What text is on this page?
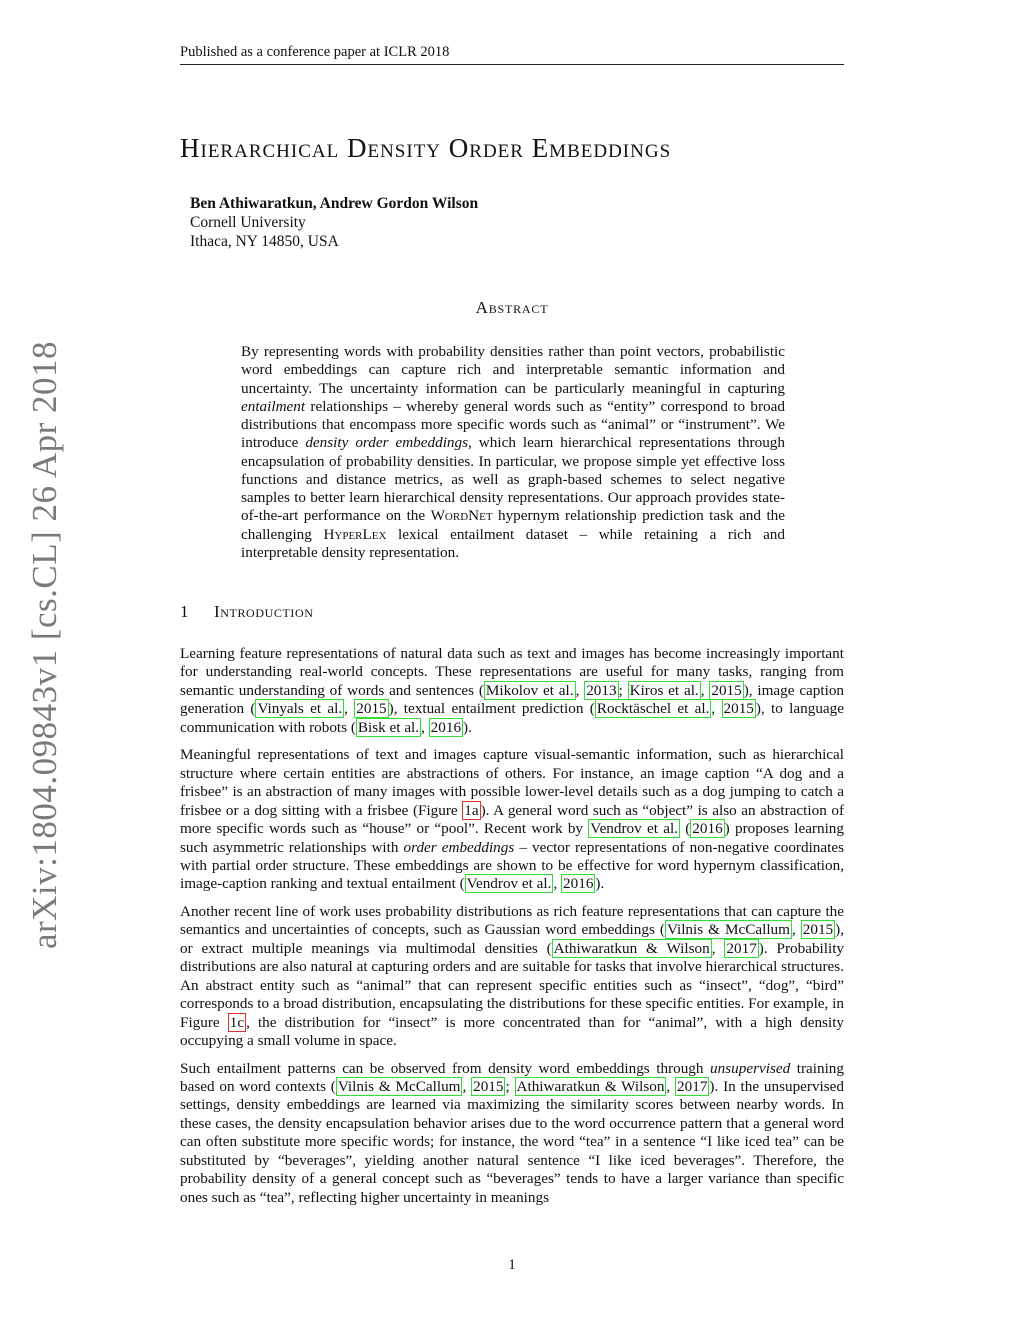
Published as a conference paper at ICLR 2018
Hierarchical Density Order Embeddings
Ben Athiwaratkun, Andrew Gordon Wilson
Cornell University
Ithaca, NY 14850, USA
Abstract
By representing words with probability densities rather than point vectors, probabilistic word embeddings can capture rich and interpretable semantic information and uncertainty. The uncertainty information can be particularly meaningful in capturing entailment relationships – whereby general words such as “entity” correspond to broad distributions that encompass more specific words such as “animal” or “instrument”. We introduce density order embeddings, which learn hierarchical representations through encapsulation of probability densities. In particular, we propose simple yet effective loss functions and distance metrics, as well as graph-based schemes to select negative samples to better learn hierarchical density representations. Our approach provides state-of-the-art performance on the WordNet hypernym relationship prediction task and the challenging HyperLex lexical entailment dataset – while retaining a rich and interpretable density representation.
1 Introduction

Learning feature representations of natural data such as text and images has become increasingly important for understanding real-world concepts. These representations are useful for many tasks, ranging from semantic understanding of words and sentences ( Mikolov et al. , 2013 ; Kiros et al. , 2015 ), image caption generation ( Vinyals et al. , 2015 ), textual entailment prediction ( Rocktäschel et al. , 2015 ), to language communication with robots ( Bisk et al. , 2016 ).

Meaningful representations of text and images capture visual-semantic information, such as hierarchical structure where certain entities are abstractions of others. For instance, an image caption “A dog and a frisbee” is an abstraction of many images with possible lower-level details such as a dog jumping to catch a frisbee or a dog sitting with a frisbee (Figure 1a ). A general word such as “object” is also an abstraction of more specific words such as “house” or “pool”. Recent work by Vendrov et al. ( 2016 ) proposes learning such asymmetric relationships with order embeddings – vector representations of non-negative coordinates with partial order structure. These embeddings are shown to be effective for word hypernym classification, image-caption ranking and textual entailment ( Vendrov et al. , 2016 ).

Another recent line of work uses probability distributions as rich feature representations that can capture the semantics and uncertainties of concepts, such as Gaussian word embeddings ( Vilnis & McCallum , 2015 ), or extract multiple meanings via multimodal densities ( Athiwaratkun & Wilson , 2017 ). Probability distributions are also natural at capturing orders and are suitable for tasks that involve hierarchical structures. An abstract entity such as “animal” that can represent specific entities such as “insect”, “dog”, “bird” corresponds to a broad distribution, encapsulating the distributions for these specific entities. For example, in Figure 1c , the distribution for “insect” is more concentrated than for “animal”, with a high density occupying a small volume in space.

Such entailment patterns can be observed from density word embeddings through unsupervised training based on word contexts ( Vilnis & McCallum , 2015 ; Athiwaratkun & Wilson , 2017 ). In the unsupervised settings, density embeddings are learned via maximizing the similarity scores between nearby words. In these cases, the density encapsulation behavior arises due to the word occurrence pattern that a general word can often substitute more specific words; for instance, the word “tea” in a sentence “I like iced tea” can be substituted by “beverages”, yielding another natural sentence “I like iced beverages”. Therefore, the probability density of a general concept such as “beverages” tends to have a larger variance than specific ones such as “tea”, reflecting higher uncertainty in meanings

arXiv:1804.09843v1 [cs.CL] 26 Apr 2018
1
